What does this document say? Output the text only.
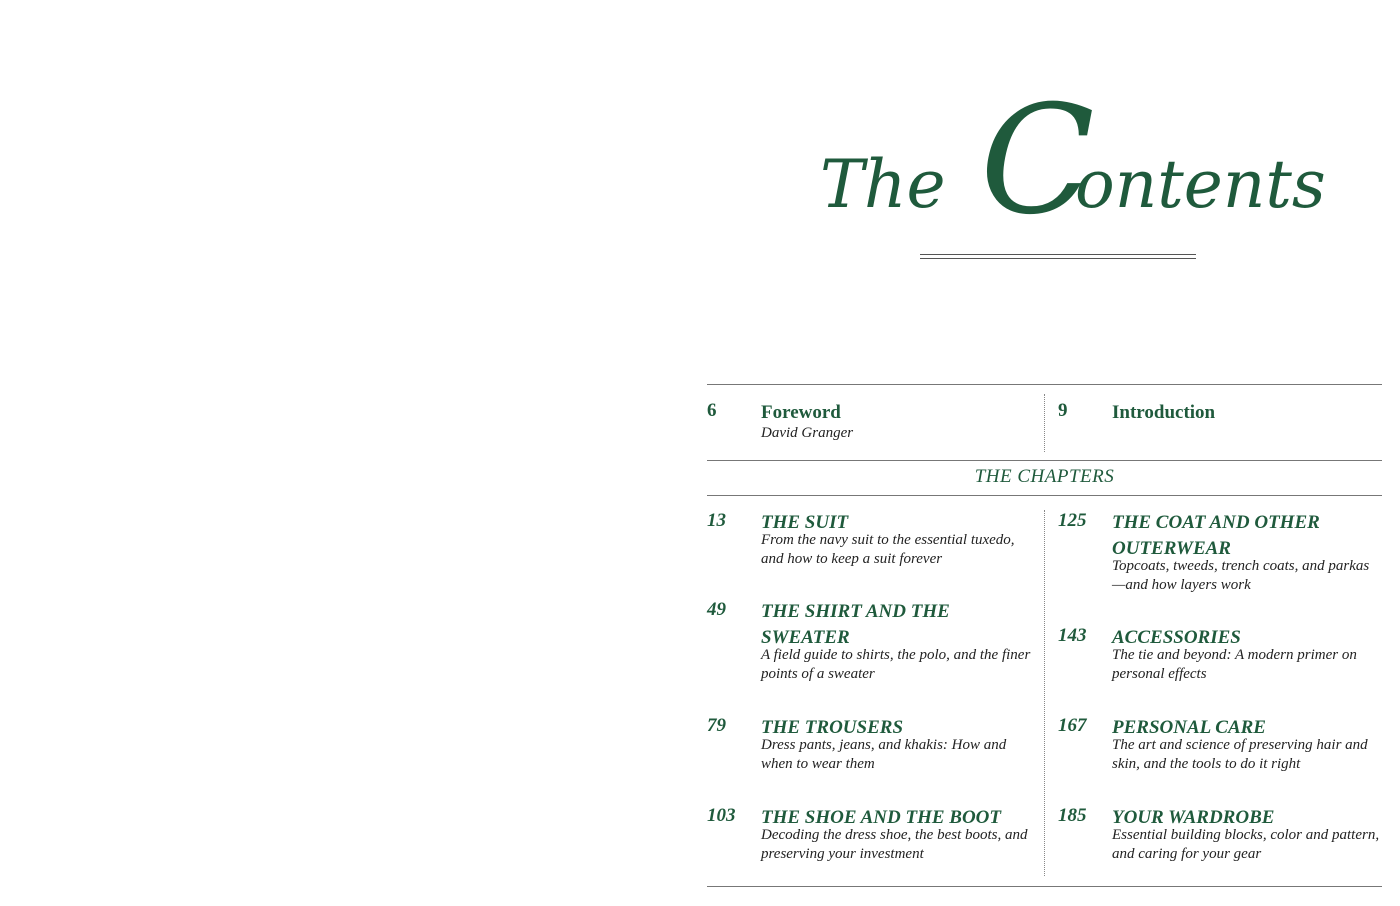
The C
ontents
6 Foreword
David Granger
9 Introduction
THE CHAPTERS
13 THE SUIT
From the navy suit to the essential tuxedo, and how to keep a suit forever
49 THE SHIRT AND THE SWEATER
A field guide to shirts, the polo, and the finer points of a sweater
79 THE TROUSERS
Dress pants, jeans, and khakis: How and when to wear them
103 THE SHOE AND THE BOOT
Decoding the dress shoe, the best boots, and preserving your investment
125 THE COAT AND OTHER OUTERWEAR
Topcoats, tweeds, trench coats, and parkas—and how layers work
143 ACCESSORIES
The tie and beyond: A modern primer on personal effects
167 PERSONAL CARE
The art and science of preserving hair and skin, and the tools to do it right
185 YOUR WARDROBE
Essential building blocks, color and pattern, and caring for your gear
